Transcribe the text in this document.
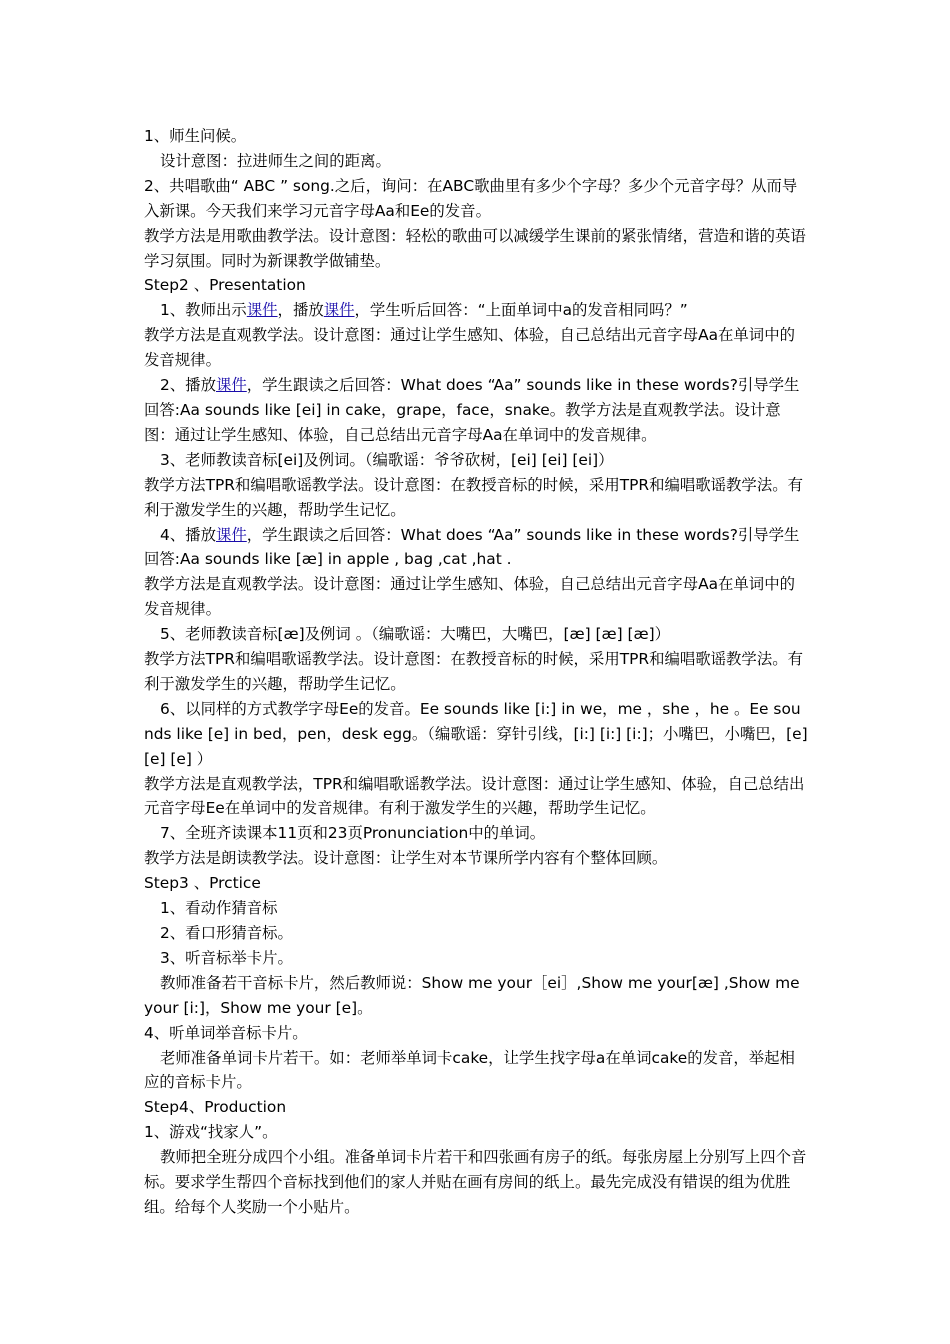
1、师生问候。

设计意图：拉进师生之间的距离。

2、共唱歌曲“ ABC ” song.之后，询问：在ABC歌曲里有多少个字母？多少个元音字母？从而导入新课。今天我们来学习元音字母Aa和Ee的发音。

教学方法是用歌曲教学法。设计意图：轻松的歌曲可以减缓学生课前的紧张情绪，营造和谐的英语学习氛围。同时为新课教学做铺垫。

Step2 、Presentation

1、教师出示课件，播放课件，学生听后回答：“上面单词中a的发音相同吗？”

教学方法是直观教学法。设计意图：通过让学生感知、体验，自己总结出元音字母Aa在单词中的发音规律。

2、播放课件，学生跟读之后回答：What does “Aa” sounds like in these words?引导学生回答:Aa sounds like [ei] in cake，grape，face，snake。教学方法是直观教学法。设计意图：通过让学生感知、体验，自己总结出元音字母Aa在单词中的发音规律。

3、老师教读音标[ei]及例词。（编歌谣：爷爷砍树，[ei] [ei] [ei]）

教学方法TPR和编唱歌谣教学法。设计意图：在教授音标的时候，采用TPR和编唱歌谣教学法。有利于激发学生的兴趣，帮助学生记忆。

4、播放课件，学生跟读之后回答：What does “Aa” sounds like in these words?引导学生回答:Aa sounds like [æ] in apple , bag ,cat ,hat .

教学方法是直观教学法。设计意图：通过让学生感知、体验，自己总结出元音字母Aa在单词中的发音规律。

5、老师教读音标[æ]及例词 。（编歌谣：大嘴巴，大嘴巴，[æ] [æ] [æ]）

教学方法TPR和编唱歌谣教学法。设计意图：在教授音标的时候，采用TPR和编唱歌谣教学法。有利于激发学生的兴趣，帮助学生记忆。

6、以同样的方式教学字母Ee的发音。Ee sounds like [i:] in we，me ，she ，he 。Ee sounds like [e] in bed，pen，desk egg。（编歌谣：穿针引线，[i:] [i:] [i:]；小嘴巴，小嘴巴，[e] [e] [e] ）

教学方法是直观教学法，TPR和编唱歌谣教学法。设计意图：通过让学生感知、体验，自己总结出元音字母Ee在单词中的发音规律。有利于激发学生的兴趣，帮助学生记忆。

7、全班齐读课本11页和23页Pronunciation中的单词。

教学方法是朗读教学法。设计意图：让学生对本节课所学内容有个整体回顾。

Step3 、Prctice

1、看动作猜音标

2、看口形猜音标。

3、听音标举卡片。

教师准备若干音标卡片，然后教师说：Show me your［ei］,Show me your[æ] ,Show me your [i:]，Show me your [e]。

4、听单词举音标卡片。

老师准备单词卡片若干。如：老师举单词卡cake，让学生找字母a在单词cake的发音，举起相应的音标卡片。

Step4、Production

1、游戏“找家人”。

教师把全班分成四个小组。准备单词卡片若干和四张画有房子的纸。每张房屋上分别写上四个音标。要求学生帮四个音标找到他们的家人并贴在画有房间的纸上。最先完成没有错误的组为优胜组。给每个人奖励一个小贴片。
